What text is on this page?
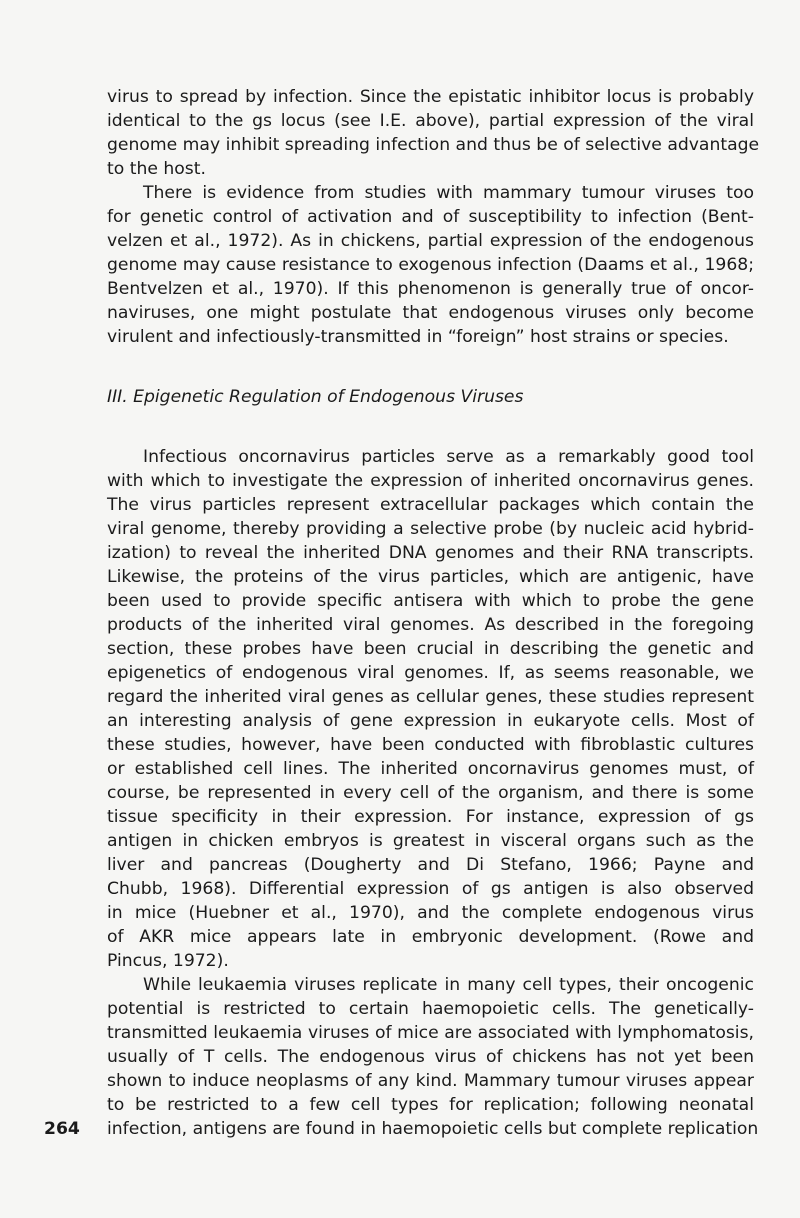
virus to spread by infection. Since the epistatic inhibitor locus is probably
identical to the gs locus (see I.E. above), partial expression of the viral
genome may inhibit spreading infection and thus be of selective advantage
to the host.
There is evidence from studies with mammary tumour viruses too
for genetic control of activation and of susceptibility to infection (Bent-
velzen et al., 1972). As in chickens, partial expression of the endogenous
genome may cause resistance to exogenous infection (Daams et al., 1968;
Bentvelzen et al., 1970). If this phenomenon is generally true of oncor-
naviruses, one might postulate that endogenous viruses only become
virulent and infectiously-transmitted in “foreign” host strains or species.
III. Epigenetic Regulation of Endogenous Viruses
Infectious oncornavirus particles serve as a remarkably good tool
with which to investigate the expression of inherited oncornavirus genes.
The virus particles represent extracellular packages which contain the
viral genome, thereby providing a selective probe (by nucleic acid hybrid-
ization) to reveal the inherited DNA genomes and their RNA transcripts.
Likewise, the proteins of the virus particles, which are antigenic, have
been used to provide specific antisera with which to probe the gene
products of the inherited viral genomes. As described in the foregoing
section, these probes have been crucial in describing the genetic and
epigenetics of endogenous viral genomes. If, as seems reasonable, we
regard the inherited viral genes as cellular genes, these studies represent
an interesting analysis of gene expression in eukaryote cells. Most of
these studies, however, have been conducted with fibroblastic cultures
or established cell lines. The inherited oncornavirus genomes must, of
course, be represented in every cell of the organism, and there is some
tissue specificity in their expression. For instance, expression of gs
antigen in chicken embryos is greatest in visceral organs such as the
liver and pancreas (Dougherty and Di Stefano, 1966; Payne and
Chubb, 1968). Differential expression of gs antigen is also observed
in mice (Huebner et al., 1970), and the complete endogenous virus
of AKR mice appears late in embryonic development. (Rowe and
Pincus, 1972).
While leukaemia viruses replicate in many cell types, their oncogenic
potential is restricted to certain haemopoietic cells. The genetically-
transmitted leukaemia viruses of mice are associated with lymphomatosis,
usually of T cells. The endogenous virus of chickens has not yet been
shown to induce neoplasms of any kind. Mammary tumour viruses appear
to be restricted to a few cell types for replication; following neonatal
infection, antigens are found in haemopoietic cells but complete replication
264
